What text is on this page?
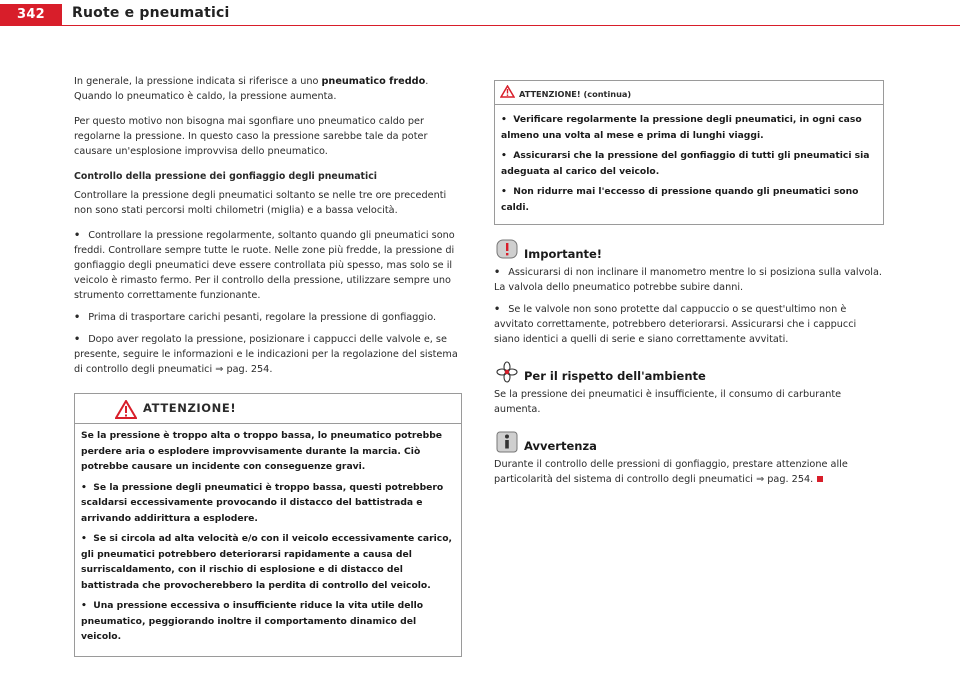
342	Ruote e pneumatici

In generale, la pressione indicata si riferisce a uno pneumatico freddo. Quando lo pneumatico è caldo, la pressione aumenta.

Per questo motivo non bisogna mai sgonfiare uno pneumatico caldo per regolarne la pressione. In questo caso la pressione sarebbe tale da poter causare un'esplosione improvvisa dello pneumatico.

Controllo della pressione dei gonfiaggio degli pneumatici

Controllare la pressione degli pneumatici soltanto se nelle tre ore precedenti non sono stati percorsi molti chilometri (miglia) e a bassa velocità.

• Controllare la pressione regolarmente, soltanto quando gli pneumatici sono freddi. Controllare sempre tutte le ruote. Nelle zone più fredde, la pressione di gonfiaggio degli pneumatici deve essere controllata più spesso, mas solo se il veicolo è rimasto fermo. Per il controllo della pressione, utilizzare sempre uno strumento correttamente funzionante.
• Prima di trasportare carichi pesanti, regolare la pressione di gonfiaggio.
• Dopo aver regolato la pressione, posizionare i cappucci delle valvole e, se presente, seguire le informazioni e le indicazioni per la regolazione del sistema di controllo degli pneumatici ⇒ pag. 254.
ATTENZIONE!
Se la pressione è troppo alta o troppo bassa, lo pneumatico potrebbe perdere aria o esplodere improvvisamente durante la marcia. Ciò potrebbe causare un incidente con conseguenze gravi.
•  Se la pressione degli pneumatici è troppo bassa, questi potrebbero scaldarsi eccessivamente provocando il distacco del battistrada e arrivando addirittura a esplodere.
•  Se si circola ad alta velocità e/o con il veicolo eccessivamente carico, gli pneumatici potrebbero deteriorarsi rapidamente a causa del surriscaldamento, con il rischio di esplosione e di distacco del battistrada che provocherebbero la perdita di controllo del veicolo.
•  Una pressione eccessiva o insufficiente riduce la vita utile dello pneumatico, peggiorando inoltre il comportamento dinamico del veicolo.
ATTENZIONE! (continua)
•  Verificare regolarmente la pressione degli pneumatici, in ogni caso almeno una volta al mese e prima di lunghi viaggi.
•  Assicurarsi che la pressione del gonfiaggio di tutti gli pneumatici sia adeguata al carico del veicolo.
•  Non ridurre mai l'eccesso di pressione quando gli pneumatici sono caldi.
Importante!
• Assicurarsi di non inclinare il manometro mentre lo si posiziona sulla valvola. La valvola dello pneumatico potrebbe subire danni.
• Se le valvole non sono protette dal cappuccio o se quest'ultimo non è avvitato correttamente, potrebbero deteriorarsi. Assicurarsi che i cappucci siano identici a quelli di serie e siano correttamente avvitati.
Per il rispetto dell'ambiente
Se la pressione dei pneumatici è insufficiente, il consumo di carburante aumenta.
Avvertenza
Durante il controllo delle pressioni di gonfiaggio, prestare attenzione alle particolarità del sistema di controllo degli pneumatici ⇒ pag. 254.
